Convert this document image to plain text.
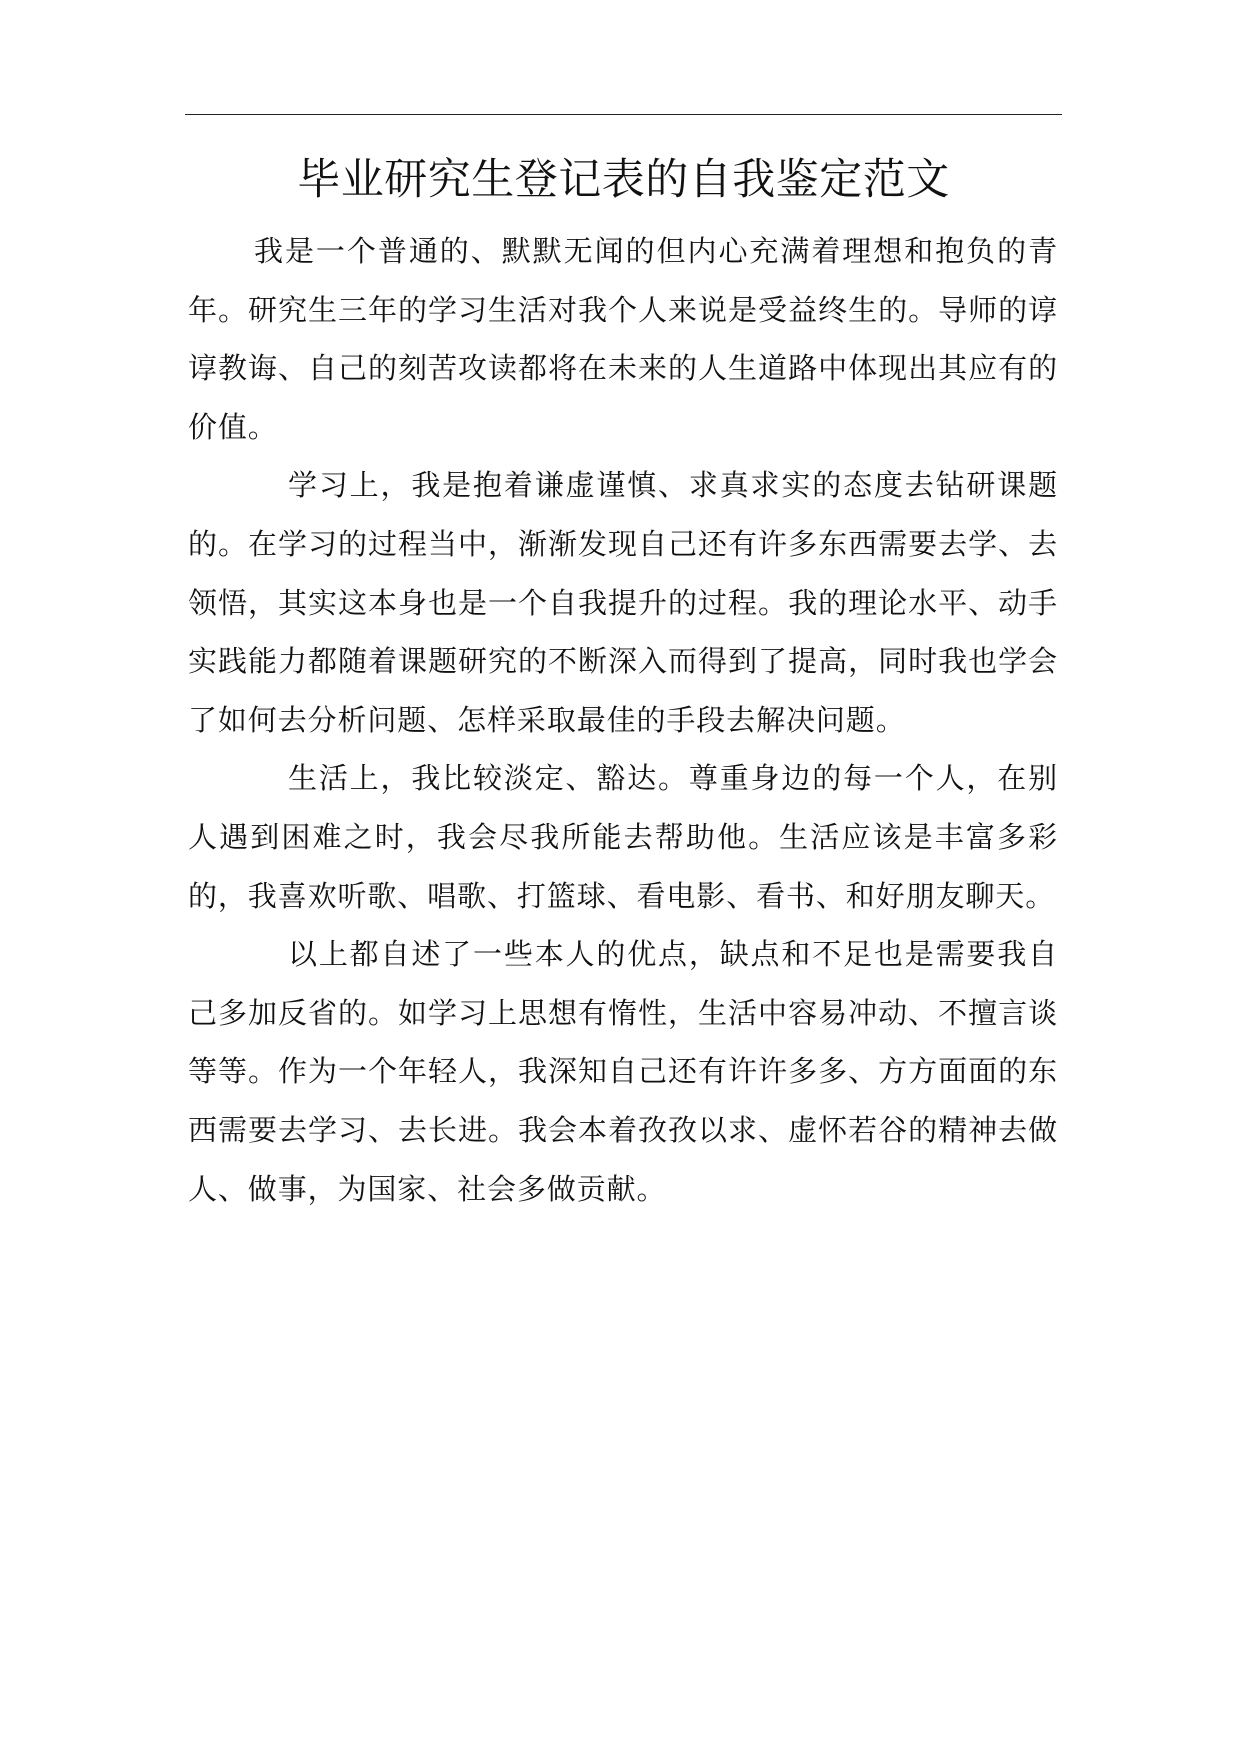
毕业研究生登记表的自我鉴定范文

我是一个普通的、默默无闻的但内心充满着理想和抱负的青年。研究生三年的学习生活对我个人来说是受益终生的。导师的谆谆教诲、自己的刻苦攻读都将在未来的人生道路中体现出其应有的价值。

学习上，我是抱着谦虚谨慎、求真求实的态度去钻研课题的。在学习的过程当中，渐渐发现自己还有许多东西需要去学、去领悟，其实这本身也是一个自我提升的过程。我的理论水平、动手实践能力都随着课题研究的不断深入而得到了提高，同时我也学会了如何去分析问题、怎样采取最佳的手段去解决问题。

生活上，我比较淡定、豁达。尊重身边的每一个人，在别人遇到困难之时，我会尽我所能去帮助他。生活应该是丰富多彩的，我喜欢听歌、唱歌、打篮球、看电影、看书、和好朋友聊天。

以上都自述了一些本人的优点，缺点和不足也是需要我自己多加反省的。如学习上思想有惰性，生活中容易冲动、不擅言谈等等。作为一个年轻人，我深知自己还有许许多多、方方面面的东西需要去学习、去长进。我会本着孜孜以求、虚怀若谷的精神去做人、做事，为国家、社会多做贡献。
